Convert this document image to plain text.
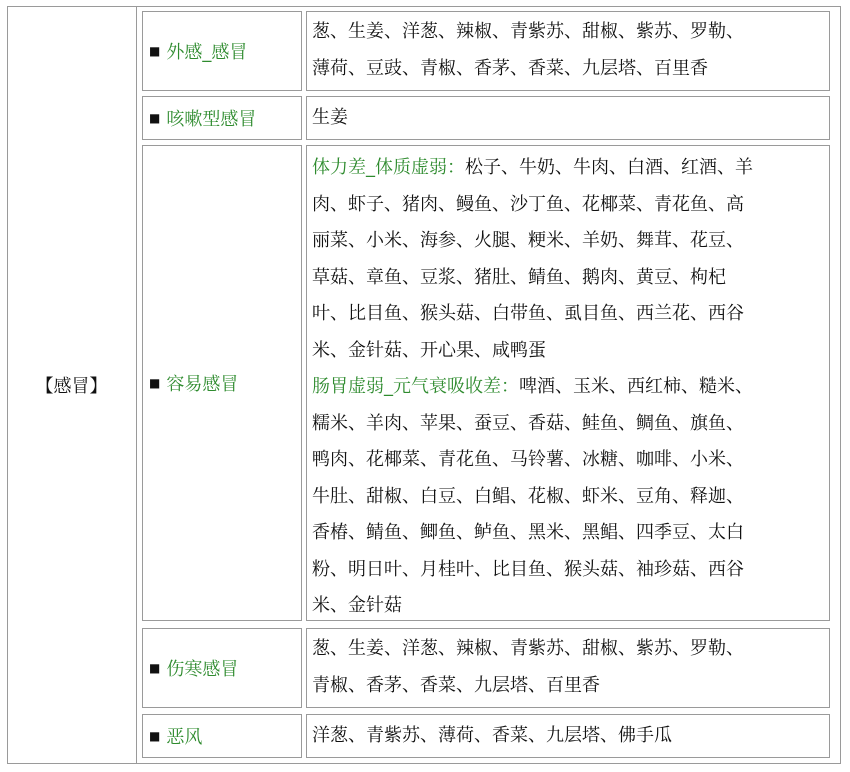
【感冒】
■ 外感_感冒
葱、生姜、洋葱、辣椒、青紫苏、甜椒、紫苏、罗勒、
薄荷、豆豉、青椒、香茅、香菜、九层塔、百里香
■ 咳嗽型感冒	生姜
■ 容易感冒
体力差_体质虚弱：松子、牛奶、牛肉、白酒、红酒、羊
肉、虾子、猪肉、鳗鱼、沙丁鱼、花椰菜、青花鱼、高
丽菜、小米、海参、火腿、粳米、羊奶、舞茸、花豆、
草菇、章鱼、豆浆、猪肚、鲭鱼、鹅肉、黄豆、枸杞
叶、比目鱼、猴头菇、白带鱼、虱目鱼、西兰花、西谷
米、金针菇、开心果、咸鸭蛋
肠胃虚弱_元气衰吸收差：啤酒、玉米、西红柿、糙米、
糯米、羊肉、苹果、蚕豆、香菇、鲑鱼、鲷鱼、旗鱼、
鸭肉、花椰菜、青花鱼、马铃薯、冰糖、咖啡、小米、
牛肚、甜椒、白豆、白鲳、花椒、虾米、豆角、释迦、
香椿、鲭鱼、鲫鱼、鲈鱼、黑米、黑鲳、四季豆、太白
粉、明日叶、月桂叶、比目鱼、猴头菇、袖珍菇、西谷
米、金针菇
■ 伤寒感冒
葱、生姜、洋葱、辣椒、青紫苏、甜椒、紫苏、罗勒、
青椒、香茅、香菜、九层塔、百里香
■ 恶风	洋葱、青紫苏、薄荷、香菜、九层塔、佛手瓜
